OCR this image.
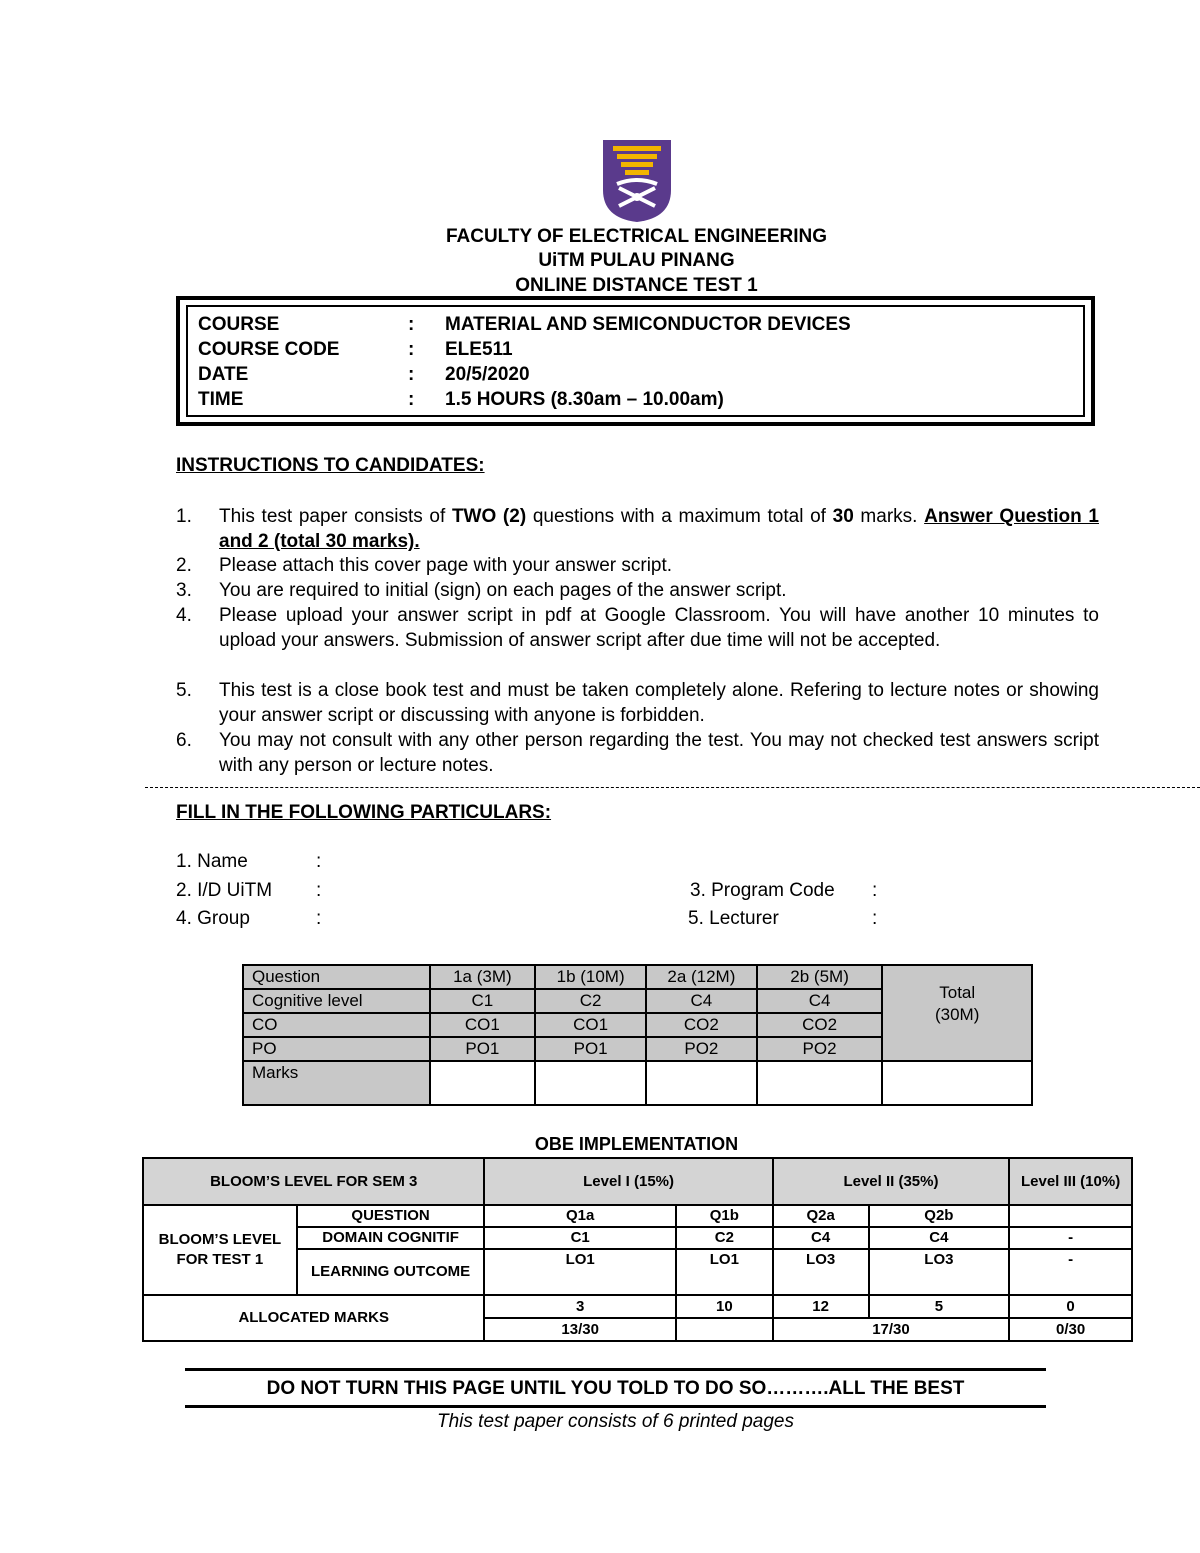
FACULTY OF ELECTRICAL ENGINEERING
UiTM PULAU PINANG
ONLINE DISTANCE TEST 1
COURSE	: MATERIAL AND SEMICONDUCTOR DEVICES
COURSE CODE	: ELE511
DATE	: 20/5/2020
TIME	: 1.5 HOURS (8.30am – 10.00am)
INSTRUCTIONS TO CANDIDATES:
1. This test paper consists of TWO (2) questions with a maximum total of 30 marks. Answer Question 1 and 2 (total 30 marks).
2. Please attach this cover page with your answer script.
3. You are required to initial (sign) on each pages of the answer script.
4. Please upload your answer script in pdf at Google Classroom. You will have another 10 minutes to upload your answers. Submission of answer script after due time will not be accepted.
5. This test is a close book test and must be taken completely alone. Refering to lecture notes or showing your answer script or discussing with anyone is forbidden.
6. You may not consult with any other person regarding the test. You may not checked test answers script with any person or lecture notes.
FILL IN THE FOLLOWING PARTICULARS:
1. Name	:
2. I/D UiTM :
4. Group	:
3. Program Code :
5. Lecturer	:
Question	1a (3M)	1b (10M)	2a (12M)	2b (5M)	Total
(30M)

Cognitive level	C1	C2	C4	C4	
CO	CO1	CO1	CO2	CO2	
PO	PO1	PO1	PO2	PO2	
Marks					
OBE IMPLEMENTATION
BLOOM’S LEVEL FOR SEM 3		Level I (15%)		Level II (35%)		Level III (10%)
BLOOM’S LEVEL FOR TEST 1	QUESTION	Q1a	Q1b	Q2a	Q2b	
	DOMAIN COGNITIF	C1	C2	C4	C4	-
	LEARNING OUTCOME	LO1	LO1	LO3	LO3	-
ALLOCATED MARKS		3	10	12	5	0
		13/30		17/30		0/30
DO NOT TURN THIS PAGE UNTIL YOU TOLD TO DO SO……….ALL THE BEST
This test paper consists of 6 printed pages
